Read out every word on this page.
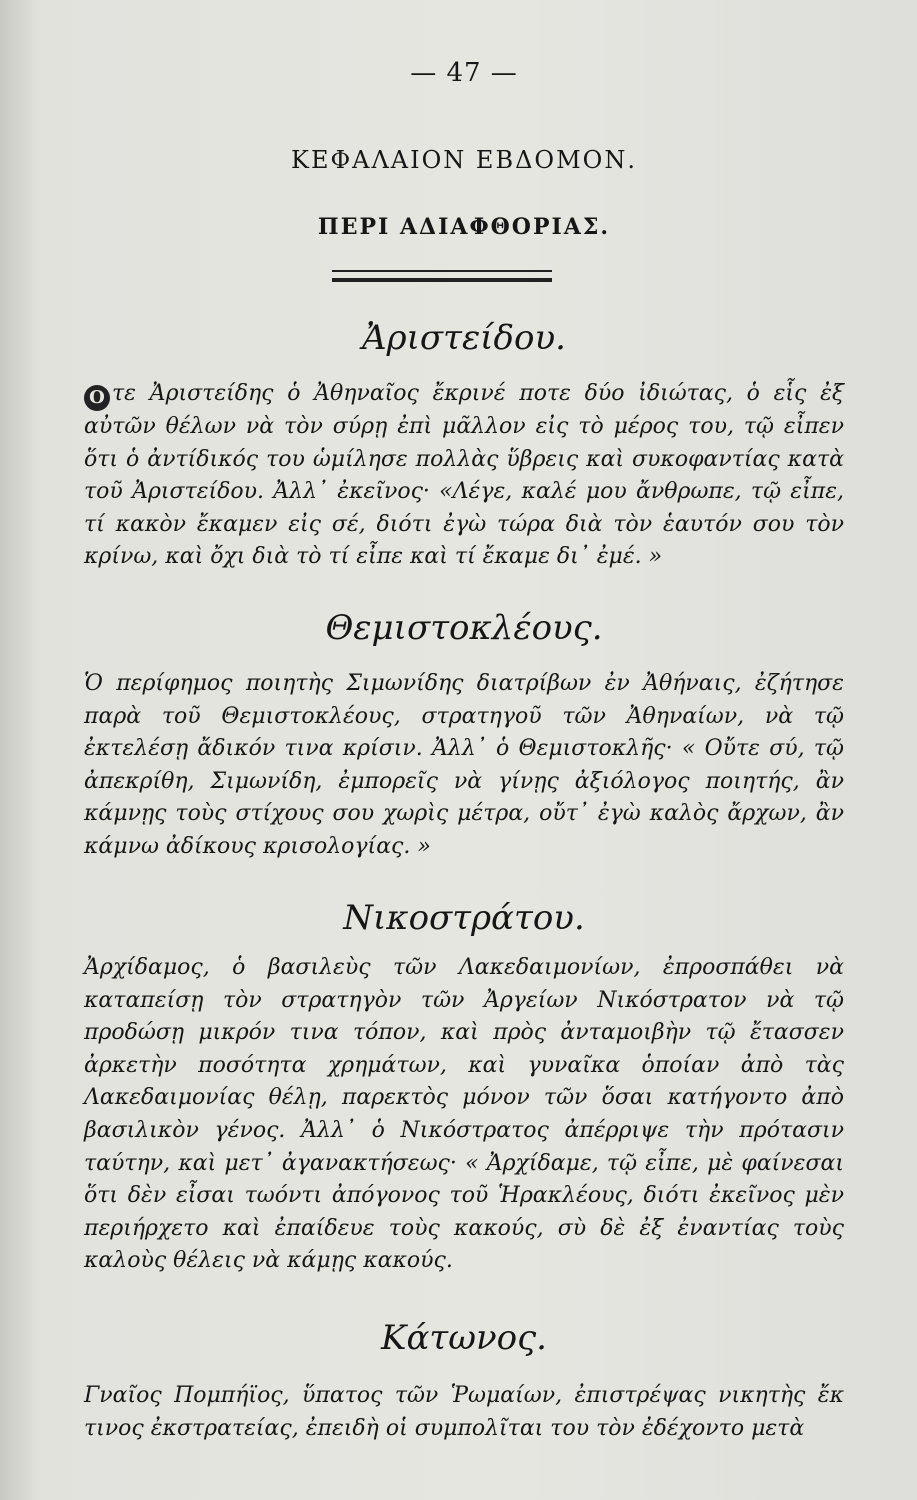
— 47 —
ΚΕΦΑΛΑΙΟΝ ΕΒΔΟΜΟΝ.
ΠΕΡΙ ΑΔΙΑΦΘΟΡΙΑΣ.
Ἀριστείδου.
Ο τε Ἀριστείδης ὁ Ἀθηναῖος ἔκρινέ ποτε δύο ἰδιώτας, ὁ εἷς ἐξ αὐτῶν θέλων νὰ τὸν σύρῃ ἐπὶ μᾶλλον εἰς τὸ μέρος του, τῷ εἶπεν ὅτι ὁ ἀντίδικός του ὡμίλησε πολλὰς ὕβρεις καὶ συκοφαντίας κατὰ τοῦ Ἀριστείδου. Ἀλλ᾽ ἐκεῖνος· «Λέγε, καλέ μου ἄνθρωπε, τῷ εἶπε, τί κακὸν ἔκαμεν εἰς σέ, διότι ἐγὼ τώρα διὰ τὸν ἑαυτόν σου τὸν κρίνω, καὶ ὄχι διὰ τὸ τί εἶπε καὶ τί ἔκαμε δι᾽ ἐμέ. »
Θεμιστοκλέους.
Ὁ περίφημος ποιητὴς Σιμωνίδης διατρίβων ἐν Ἀθήναις, ἐζήτησε παρὰ τοῦ Θεμιστοκλέους, στρατηγοῦ τῶν Ἀθηναίων, νὰ τῷ ἐκτελέσῃ ἄδικόν τινα κρίσιν. Ἀλλ᾽ ὁ Θεμιστοκλῆς· « Οὔτε σύ, τῷ ἀπεκρίθη, Σιμωνίδη, ἐμπορεῖς νὰ γίνῃς ἀξιόλογος ποιητής, ἂν κάμνῃς τοὺς στίχους σου χωρὶς μέτρα, οὔτ᾽ ἐγὼ καλὸς ἄρχων, ἂν κάμνω ἀδίκους κρισολογίας. »
Νικοστράτου.
Ἀρχίδαμος, ὁ βασιλεὺς τῶν Λακεδαιμονίων, ἐπροσπάθει νὰ καταπείσῃ τὸν στρατηγὸν τῶν Ἀργείων Νικόστρατον νὰ τῷ προδώσῃ μικρόν τινα τόπον, καὶ πρὸς ἀνταμοιβὴν τῷ ἔτασσεν ἀρκετὴν ποσότητα χρημάτων, καὶ γυναῖκα ὁποίαν ἀπὸ τὰς Λακεδαιμονίας θέλῃ, παρεκτὸς μόνον τῶν ὅσαι κατήγοντο ἀπὸ βασιλικὸν γένος. Ἀλλ᾽ ὁ Νικόστρατος ἀπέρριψε τὴν πρότασιν ταύτην, καὶ μετ᾽ ἀγανακτήσεως· « Ἀρχίδαμε, τῷ εἶπε, μὲ φαίνεσαι ὅτι δὲν εἶσαι τωόντι ἀπόγονος τοῦ Ἡρακλέους, διότι ἐκεῖνος μὲν περιήρχετο καὶ ἐπαίδευε τοὺς κακούς, σὺ δὲ ἐξ ἐναντίας τοὺς καλοὺς θέλεις νὰ κάμῃς κακούς.
Κάτωνος.
Γναῖος Πομπήϊος, ὕπατος τῶν Ῥωμαίων, ἐπιστρέψας νικητὴς ἔκ τινος ἐκστρατείας, ἐπειδὴ οἱ συμπολῖται του τὸν ἐδέχοντο μετὰ
